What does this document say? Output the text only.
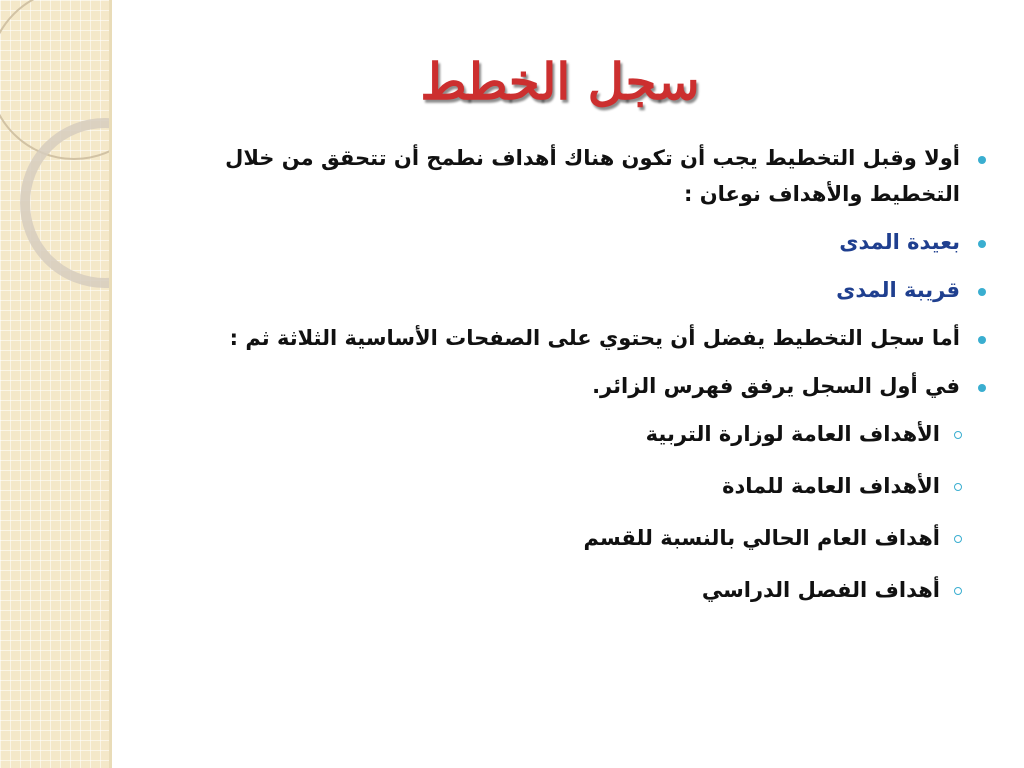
سجل الخطط
أولا وقبل التخطيط يجب أن تكون هناك أهداف نطمح أن تتحقق من خلال التخطيط والأهداف نوعان :
بعيدة المدى
قريبة المدى
أما سجل التخطيط يفضل أن يحتوي على الصفحات الأساسية الثلاثة ثم :
في أول السجل يرفق فهرس الزائر.
الأهداف العامة لوزارة التربية
الأهداف العامة للمادة
أهداف العام الحالي بالنسبة للقسم
أهداف الفصل الدراسي
